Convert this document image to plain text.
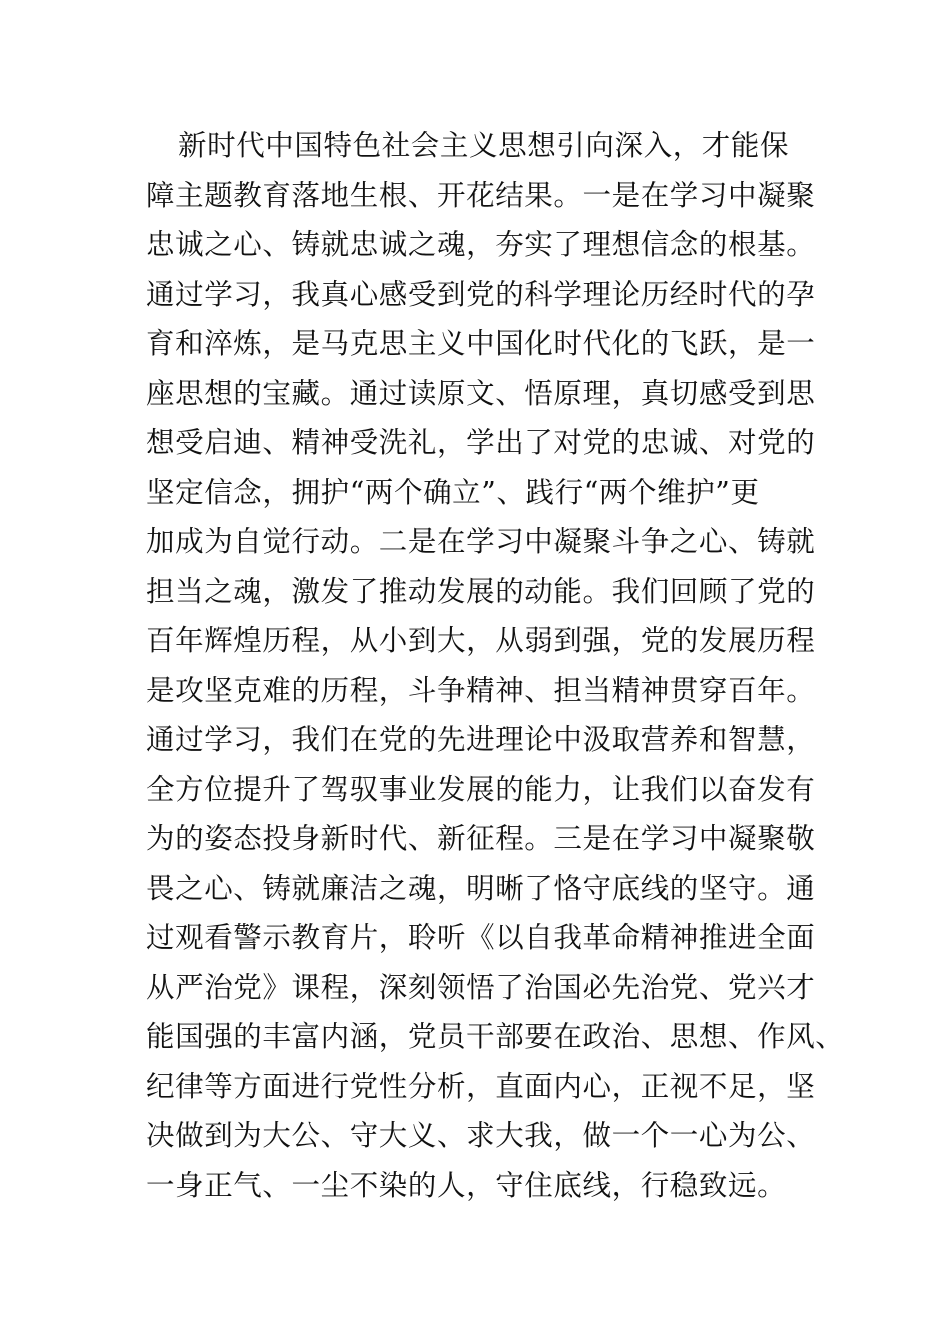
新时代中国特色社会主义思想引向深入，才能保
障主题教育落地生根、开花结果。一是在学习中凝聚
忠诚之心、铸就忠诚之魂，夯实了理想信念的根基。
通过学习，我真心感受到党的科学理论历经时代的孕
育和淬炼，是马克思主义中国化时代化的飞跃，是一
座思想的宝藏。通过读原文、悟原理，真切感受到思
想受启迪、精神受洗礼，学出了对党的忠诚、对党的
坚定信念，拥护“两个确立”、践行“两个维护”更
加成为自觉行动。二是在学习中凝聚斗争之心、铸就
担当之魂，激发了推动发展的动能。我们回顾了党的
百年辉煌历程，从小到大，从弱到强，党的发展历程
是攻坚克难的历程，斗争精神、担当精神贯穿百年。
通过学习，我们在党的先进理论中汲取营养和智慧，
全方位提升了驾驭事业发展的能力，让我们以奋发有
为的姿态投身新时代、新征程。三是在学习中凝聚敬
畏之心、铸就廉洁之魂，明晰了恪守底线的坚守。通
过观看警示教育片，聆听《以自我革命精神推进全面
从严治党》课程，深刻领悟了治国必先治党、党兴才
能国强的丰富内涵，党员干部要在政治、思想、作风、
纪律等方面进行党性分析，直面内心，正视不足，坚
决做到为大公、守大义、求大我，做一个一心为公、
一身正气、一尘不染的人，守住底线，行稳致远。
